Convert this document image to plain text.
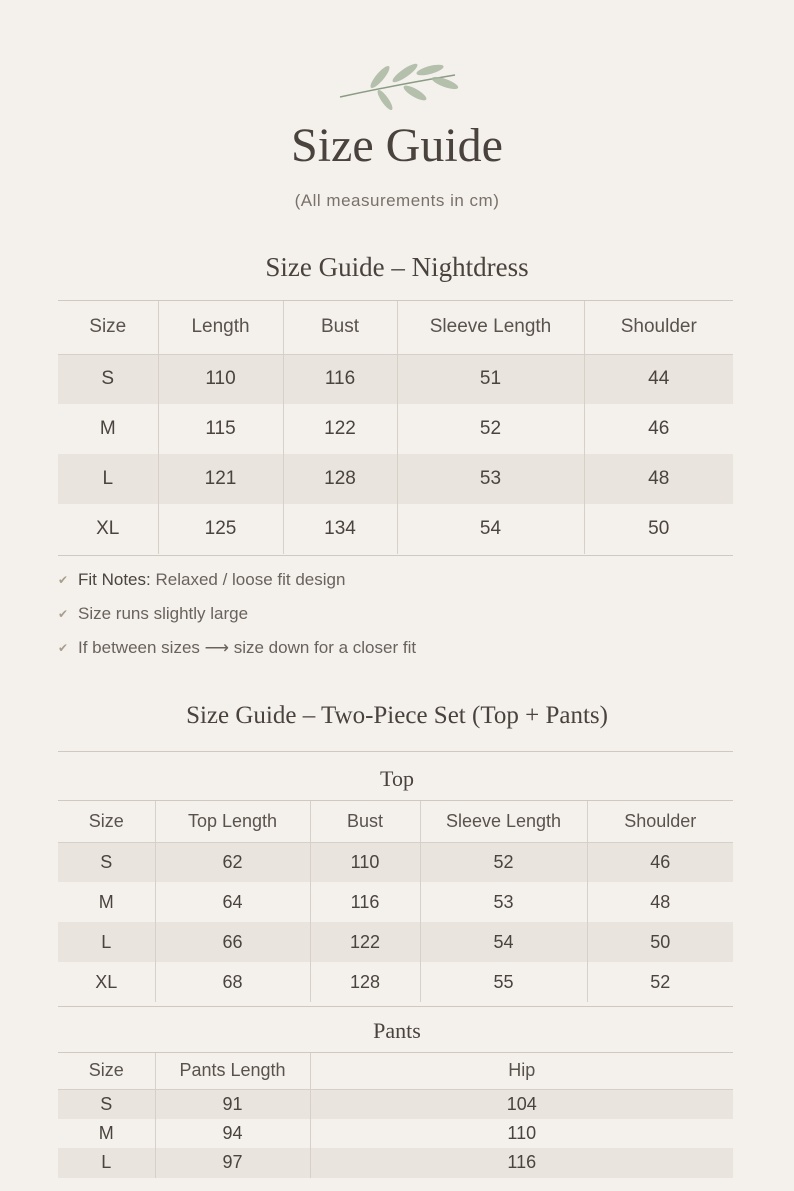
Size Guide
(All measurements in cm)
Size Guide – Nightdress
Size	Length	Bust	Sleeve Length	Shoulder
S	110	116	51	44
M	115	122	52	46
L	121	128	53	48
XL	125	134	54	50
✔ Fit Notes:
Relaxed / loose fit design
✔ Size runs slightly large
✔ If between sizes ⟶ size down for a closer fit
Size Guide – Two-Piece Set (Top + Pants)
Top
Size	Top Length	Bust	Sleeve Length	Shoulder
S	62	110	52	46
M	64	116	53	48
L	66	122	54	50
XL	68	128	55	52
Pants
Size	Pants Length	Hip
S	91	104
M	94	110
L	97	116
